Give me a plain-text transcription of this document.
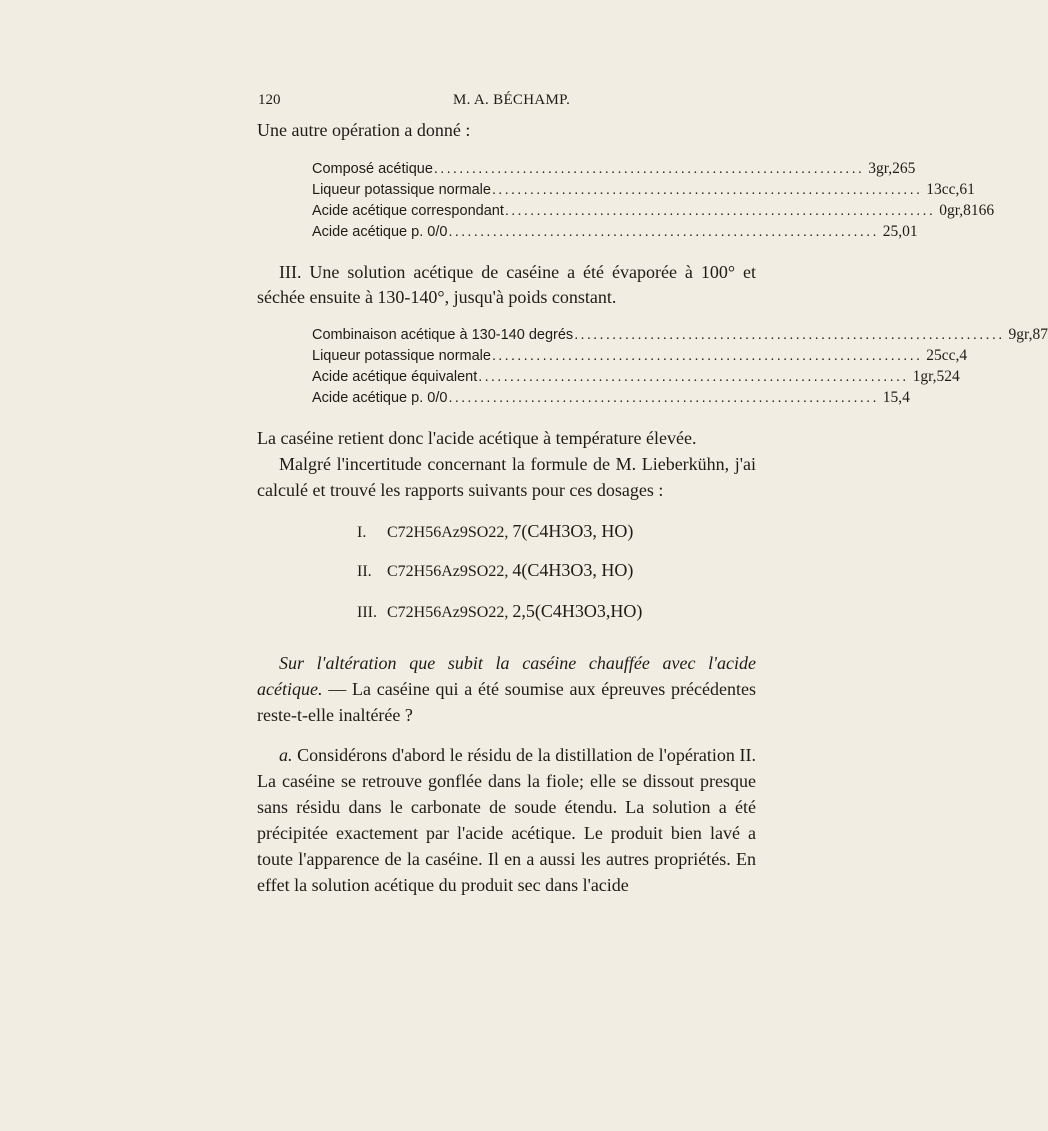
120	M. A. BÉCHAMP.

Une autre opération a donné :

Composé acétique .................................................................... 3gr,265
Liqueur potassique normale .................................................................... 13cc,61
Acide acétique correspondant .................................................................... 0gr,8166
Acide acétique p. 0/0 .................................................................... 25,01

III. Une solution acétique de caséine a été évaporée à 100° et séchée ensuite à 130-140°, jusqu'à poids constant.

Combinaison acétique à 130-140 degrés .................................................................... 9gr,87
Liqueur potassique normale .................................................................... 25cc,4
Acide acétique équivalent .................................................................... 1gr,524
Acide acétique p. 0/0 .................................................................... 15,4

La caséine retient donc l'acide acétique à température élevée.

Malgré l'incertitude concernant la formule de M. Lieberkühn, j'ai calculé et trouvé les rapports suivants pour ces dosages :

I. C72H56Az9SO22, 7(C4H3O3, HO)
II. C72H56Az9SO22, 4(C4H3O3, HO)
III. C72H56Az9SO22, 2,5(C4H3O3,HO)

Sur l'altération que subit la caséine chauffée avec l'acide acétique. — La caséine qui a été soumise aux épreuves précédentes reste-t-elle inaltérée ?

a. Considérons d'abord le résidu de la distillation de l'opération II. La caséine se retrouve gonflée dans la fiole; elle se dissout presque sans résidu dans le carbonate de soude étendu. La solution a été précipitée exactement par l'acide acétique. Le produit bien lavé a toute l'apparence de la caséine. Il en a aussi les autres propriétés. En effet la solution acétique du produit sec dans l'acide
